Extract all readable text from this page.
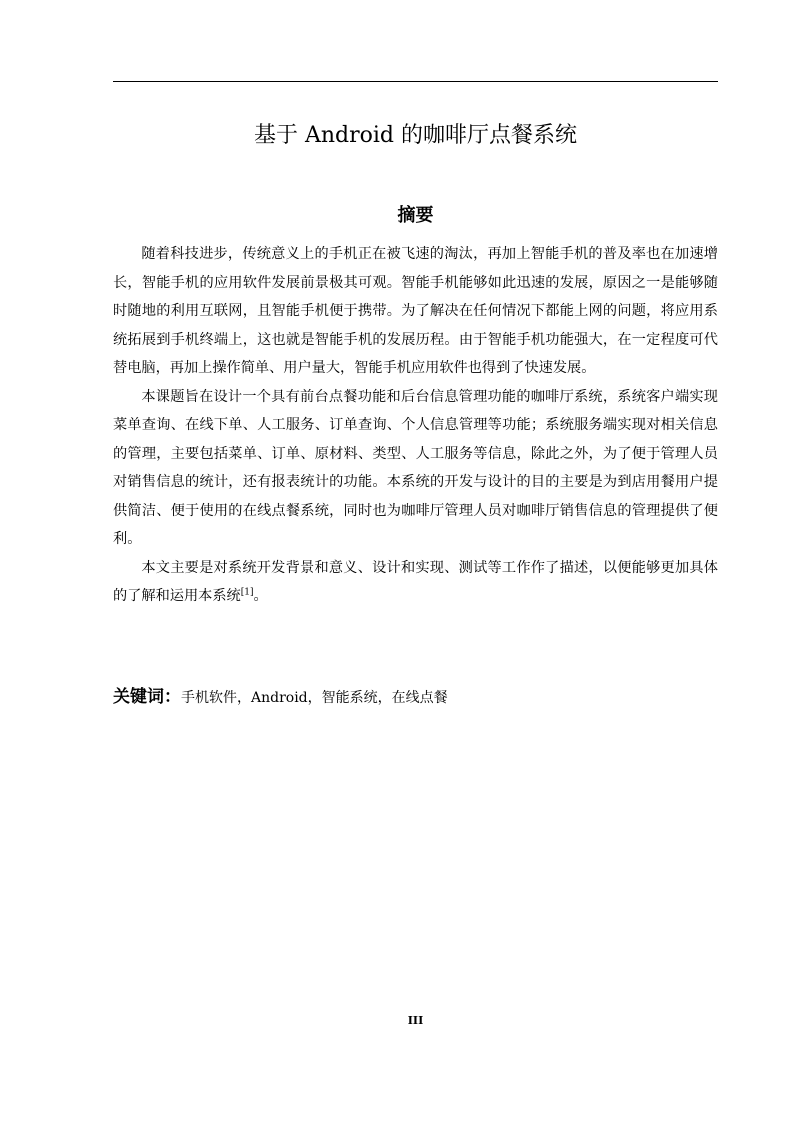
基于 Android 的咖啡厅点餐系统
摘要

随着科技进步，传统意义上的手机正在被飞速的淘汰，再加上智能手机的普及率也在加速增长，智能手机的应用软件发展前景极其可观。智能手机能够如此迅速的发展，原因之一是能够随时随地的利用互联网，且智能手机便于携带。为了解决在任何情况下都能上网的问题，将应用系统拓展到手机终端上，这也就是智能手机的发展历程。由于智能手机功能强大，在一定程度可代替电脑，再加上操作简单、用户量大，智能手机应用软件也得到了快速发展。

本课题旨在设计一个具有前台点餐功能和后台信息管理功能的咖啡厅系统，系统客户端实现菜单查询、在线下单、人工服务、订单查询、个人信息管理等功能；系统服务端实现对相关信息的管理，主要包括菜单、订单、原材料、类型、人工服务等信息，除此之外，为了便于管理人员对销售信息的统计，还有报表统计的功能。本系统的开发与设计的目的主要是为到店用餐用户提供简洁、便于使用的在线点餐系统，同时也为咖啡厅管理人员对咖啡厅销售信息的管理提供了便利。

本文主要是对系统开发背景和意义、设计和实现、测试等工作作了描述，以便能够更加具体的了解和运用本系统[1]。

关键词：手机软件，Android，智能系统，在线点餐

III
